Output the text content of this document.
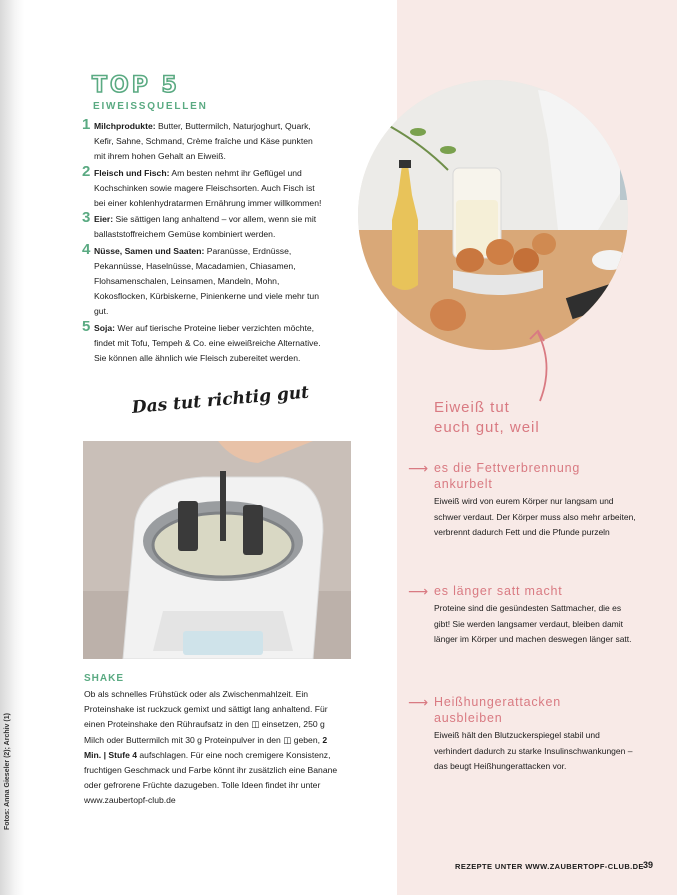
TOP 5
EIWEISSQUELLEN
1 Milchprodukte: Butter, Buttermilch, Naturjoghurt, Quark, Kefir, Sahne, Schmand, Crème fraîche und Käse punkten mit ihrem hohen Gehalt an Eiweiß.

2 Fleisch und Fisch: Am besten nehmt ihr Geflügel und Kochschinken sowie magere Fleischsorten. Auch Fisch ist bei einer kohlenhydratarmen Ernährung immer willkommen!

3 Eier: Sie sättigen lang anhaltend – vor allem, wenn sie mit ballaststoffreichem Gemüse kombiniert werden.

4 Nüsse, Samen und Saaten: Paranüsse, Erdnüsse, Pekannüsse, Haselnüsse, Macadamien, Chiasamen, Flohsamenschalen, Leinsamen, Mandeln, Mohn, Kokosflocken, Kürbiskerne, Pinienkerne und viele mehr tun gut.

5 Soja: Wer auf tierische Proteine lieber verzichten möchte, findet mit Tofu, Tempeh & Co. eine eiweißreiche Alternative. Sie können alle ähnlich wie Fleisch zubereitet werden.

Das tut richtig gut
SHAKE

Ob als schnelles Frühstück oder als Zwischenmahlzeit. Ein Proteinshake ist ruckzuck gemixt und sättigt lang anhaltend. Für einen Proteinshake den Rühraufsatz in den ◫ einsetzen, 250 g Milch oder Buttermilch mit 30 g Proteinpulver in den ◫ geben, 2 Min. | Stufe 4 aufschlagen. Für eine noch cremigere Konsistenz, fruchtigen Geschmack und Farbe könnt ihr zusätzlich eine Banane oder gefrorene Früchte dazugeben. Tolle Ideen findet ihr unter www.zaubertopf-club.de

Fotos: Anna Gieseler (2); Archiv (1)

Eiweiß tut
euch gut, weil

⟶ es die Fettverbrennung
ankurbelt

Eiweiß wird von eurem Körper nur langsam und schwer verdaut. Der Körper muss also mehr arbeiten, verbrennt dadurch Fett und die Pfunde purzeln

⟶ es länger satt macht

Proteine sind die gesündesten Sattmacher, die es gibt! Sie werden langsamer verdaut, bleiben damit länger im Körper und machen deswegen länger satt.

⟶ Heißhungerattacken
ausbleiben

Eiweiß hält den Blutzuckerspiegel stabil und verhindert dadurch zu starke Insulinschwankungen – das beugt Heißhungerattacken vor.

REZEPTE UNTER WWW.ZAUBERTOPF-CLUB.DE 39
